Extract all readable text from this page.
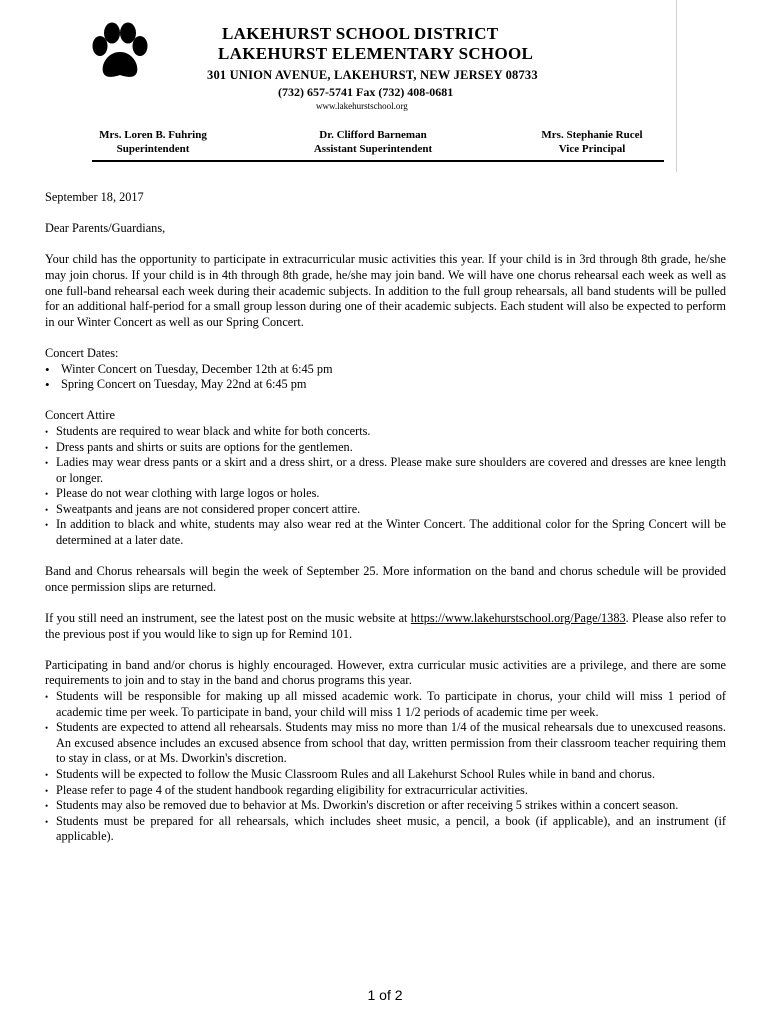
LAKEHURST SCHOOL DISTRICT
LAKEHURST ELEMENTARY SCHOOL
301 UNION AVENUE, LAKEHURST, NEW JERSEY 08733
(732) 657-5741 Fax (732) 408-0681
www.lakehurstschool.org
Mrs. Loren B. Fuhring
Superintendent
Dr. Clifford Barneman
Assistant Superintendent
Mrs. Stephanie Rucel
Vice Principal

September 18, 2017

Dear Parents/Guardians,

Your child has the opportunity to participate in extracurricular music activities this year. If your child is in 3rd through 8th grade, he/she may join chorus. If your child is in 4th through 8th grade, he/she may join band. We will have one chorus rehearsal each week as well as one full-band rehearsal each week during their academic subjects. In addition to the full group rehearsals, all band students will be pulled for an additional half-period for a small group lesson during one of their academic subjects. Each student will also be expected to perform in our Winter Concert as well as our Spring Concert.

Concert Dates:

• Winter Concert on Tuesday, December 12th at 6:45 pm
• Spring Concert on Tuesday, May 22nd at 6:45 pm

Concert Attire

• Students are required to wear black and white for both concerts.
• Dress pants and shirts or suits are options for the gentlemen.
• Ladies may wear dress pants or a skirt and a dress shirt, or a dress. Please make sure shoulders are covered and dresses are knee length or longer.
• Please do not wear clothing with large logos or holes.
• Sweatpants and jeans are not considered proper concert attire.
• In addition to black and white, students may also wear red at the Winter Concert. The additional color for the Spring Concert will be determined at a later date.

Band and Chorus rehearsals will begin the week of September 25. More information on the band and chorus schedule will be provided once permission slips are returned.

If you still need an instrument, see the latest post on the music website at https://www.lakehurstschool.org/Page/1383. Please also refer to the previous post if you would like to sign up for Remind 101.

Participating in band and/or chorus is highly encouraged. However, extra curricular music activities are a privilege, and there are some requirements to join and to stay in the band and chorus programs this year.

• Students will be responsible for making up all missed academic work. To participate in chorus, your child will miss 1 period of academic time per week. To participate in band, your child will miss 1 1/2 periods of academic time per week.
• Students are expected to attend all rehearsals. Students may miss no more than 1/4 of the musical rehearsals due to unexcused reasons. An excused absence includes an excused absence from school that day, written permission from their classroom teacher requiring them to stay in class, or at Ms. Dworkin's discretion.
• Students will be expected to follow the Music Classroom Rules and all Lakehurst School Rules while in band and chorus.
• Please refer to page 4 of the student handbook regarding eligibility for extracurricular activities.
• Students may also be removed due to behavior at Ms. Dworkin's discretion or after receiving 5 strikes within a concert season.
• Students must be prepared for all rehearsals, which includes sheet music, a pencil, a book (if applicable), and an instrument (if applicable).
1 of 2
